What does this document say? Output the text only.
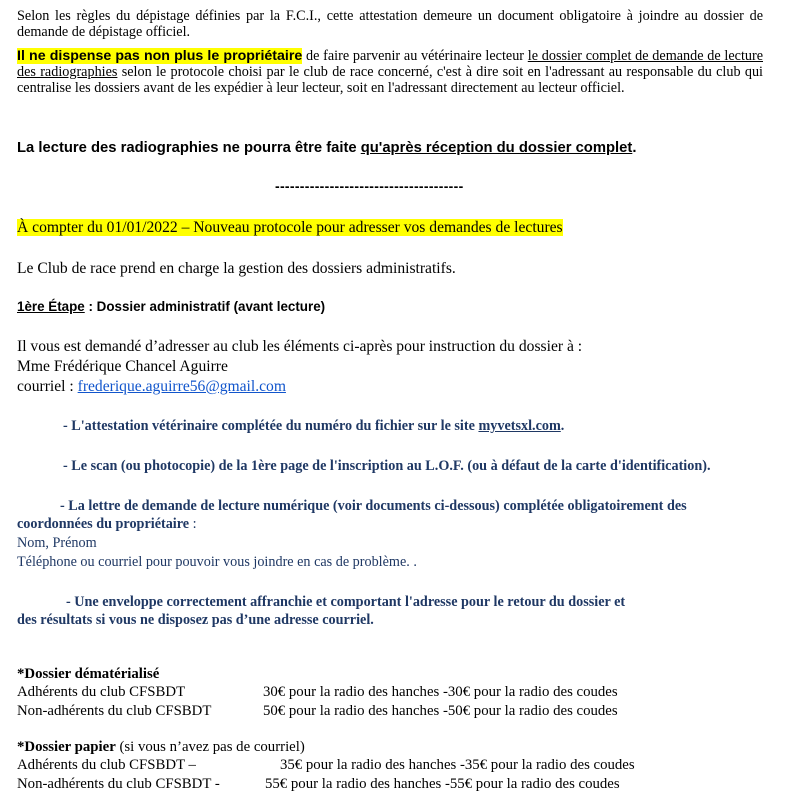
Selon les règles du dépistage définies par la F.C.I., cette attestation demeure un document obligatoire à joindre au dossier de demande de dépistage officiel.
Il ne dispense pas non plus le propriétaire de faire parvenir au vétérinaire lecteur le dossier complet de demande de lecture des radiographies selon le protocole choisi par le club de race concerné, c'est à dire soit en l'adressant au responsable du club qui centralise les dossiers avant de les expédier à leur lecteur, soit en l'adressant directement au lecteur officiel.
La lecture des radiographies ne pourra être faite qu'après réception du dossier complet.
--------------------------------------
À compter du 01/01/2022 – Nouveau protocole pour adresser vos demandes de lectures
Le Club de race prend en charge la gestion des dossiers administratifs.
1ère Étape : Dossier administratif (avant lecture)
Il vous est demandé d’adresser au club les éléments ci-après pour instruction du dossier à :
Mme Frédérique Chancel Aguirre
courriel : frederique.aguirre56@gmail.com
- L'attestation vétérinaire complétée du numéro du fichier sur le site myvetsxl.com.
- Le scan (ou photocopie) de la 1ère page de l'inscription au L.O.F. (ou à défaut de la carte d'identification).
- La lettre de demande de lecture numérique (voir documents ci-dessous) complétée obligatoirement des
coordonnées du propriétaire :
Nom, Prénom
Téléphone ou courriel pour pouvoir vous joindre en cas de problème. .
- Une enveloppe correctement affranchie et comportant l'adresse pour le retour du dossier et
des résultats si vous ne disposez pas d’une adresse courriel.
*Dossier dématérialisé
Adhérents du club CFSBDT	30€ pour la radio des hanches -30€ pour la radio des coudes
Non-adhérents du club CFSBDT	50€ pour la radio des hanches -50€ pour la radio des coudes
*Dossier papier (si vous n’avez pas de courriel)
Adhérents du club CFSBDT –	35€ pour la radio des hanches -35€ pour la radio des coudes
Non-adhérents du club CFSBDT -	55€ pour la radio des hanches -55€ pour la radio des coudes
